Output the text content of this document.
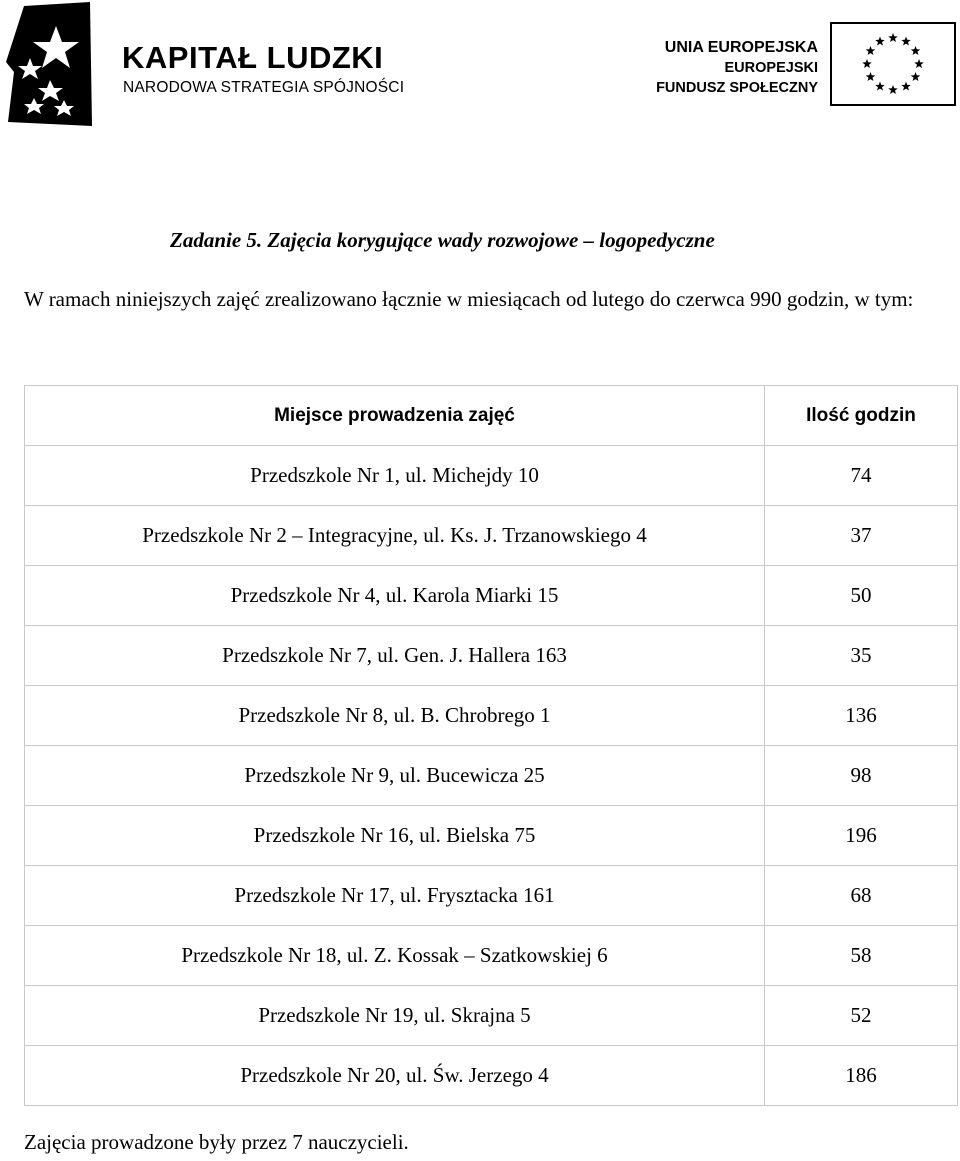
KAPITAŁ LUDZKI
NARODOWA STRATEGIA SPÓJNOŚCI
UNIA EUROPEJSKA
EUROPEJSKI
FUNDUSZ SPOŁECZNY
Zadanie 5. Zajęcia korygujące wady rozwojowe – logopedyczne
W ramach niniejszych zajęć zrealizowano łącznie w miesiącach od lutego do czerwca 990 godzin, w tym:
Miejsce prowadzenia zajęć	Ilość godzin
Przedszkole Nr 1, ul. Michejdy 10	74
Przedszkole Nr 2 – Integracyjne, ul. Ks. J. Trzanowskiego 4	37
Przedszkole Nr 4, ul. Karola Miarki 15	50
Przedszkole Nr 7, ul. Gen. J. Hallera 163	35
Przedszkole Nr 8, ul. B. Chrobrego 1	136
Przedszkole Nr 9, ul. Bucewicza 25	98
Przedszkole Nr 16, ul. Bielska 75	196
Przedszkole Nr 17, ul. Frysztacka 161	68
Przedszkole Nr 18, ul. Z. Kossak – Szatkowskiej 6	58
Przedszkole Nr 19, ul. Skrajna 5	52
Przedszkole Nr 20, ul. Św. Jerzego 4	186
Zajęcia prowadzone były przez 7 nauczycieli.
